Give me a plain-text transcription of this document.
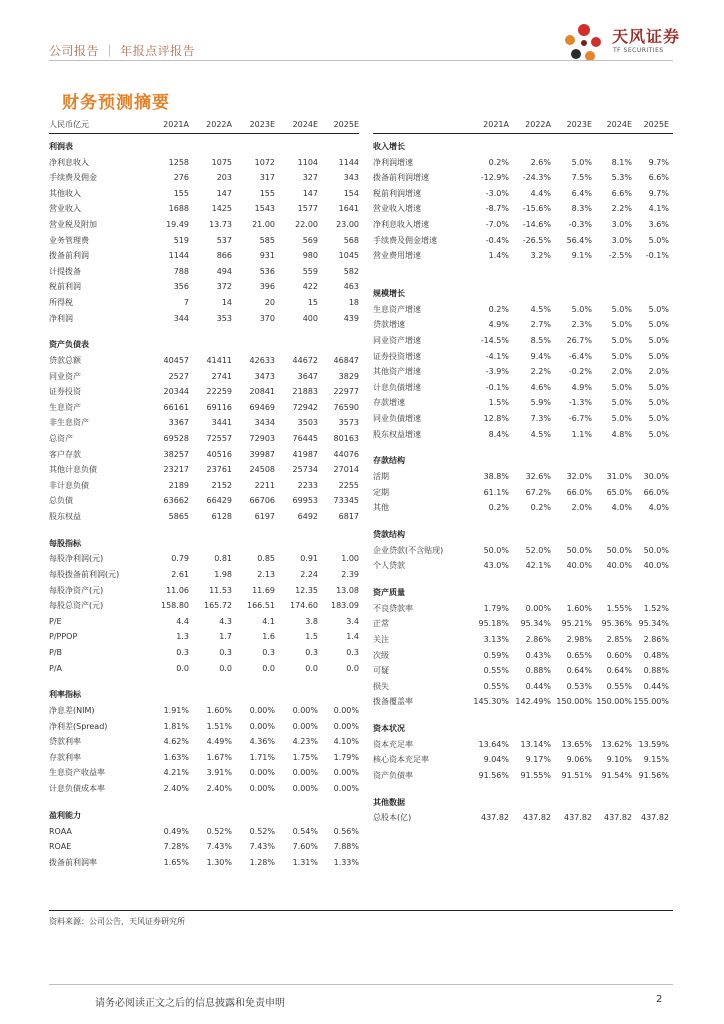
公司报告 ｜ 年报点评报告
天风证券
TF SECURITIES
财务预测摘要
人民币亿元	2021A	2022A	2023E	2024E	2025E
利润表
净利息收入	1258	1075	1072	1104	1144
手续费及佣金	276	203	317	327	343
其他收入	155	147	155	147	154
营业收入	1688	1425	1543	1577	1641
营业税及附加	19.49	13.73	21.00	22.00	23.00
业务管理费	519	537	585	569	568
拨备前利润	1144	866	931	980	1045
计提拨备	788	494	536	559	582
税前利润	356	372	396	422	463
所得税	7	14	20	15	18
净利润	344	353	370	400	439
资产负债表
贷款总额	40457	41411	42633	44672	46847
同业资产	2527	2741	3473	3647	3829
证券投资	20344	22259	20841	21883	22977
生息资产	66161	69116	69469	72942	76590
非生息资产	3367	3441	3434	3503	3573
总资产	69528	72557	72903	76445	80163
客户存款	38257	40516	39987	41987	44076
其他计息负债	23217	23761	24508	25734	27014
非计息负债	2189	2152	2211	2233	2255
总负债	63662	66429	66706	69953	73345
股东权益	5865	6128	6197	6492	6817
每股指标
每股净利润(元)	0.79	0.81	0.85	0.91	1.00
每股拨备前利润(元)	2.61	1.98	2.13	2.24	2.39
每股净资产(元)	11.06	11.53	11.69	12.35	13.08
每股总资产(元)	158.80	165.72	166.51	174.60	183.09
P/E	4.4	4.3	4.1	3.8	3.4
P/PPOP	1.3	1.7	1.6	1.5	1.4
P/B	0.3	0.3	0.3	0.3	0.3
P/A	0.0	0.0	0.0	0.0	0.0
利率指标
净息差(NIM)	1.91%	1.60%	0.00%	0.00%	0.00%
净利差(Spread)	1.81%	1.51%	0.00%	0.00%	0.00%
贷款利率	4.62%	4.49%	4.36%	4.23%	4.10%
存款利率	1.63%	1.67%	1.71%	1.75%	1.79%
生息资产收益率	4.21%	3.91%	0.00%	0.00%	0.00%
计息负债成本率	2.40%	2.40%	0.00%	0.00%	0.00%
盈利能力
ROAA	0.49%	0.52%	0.52%	0.54%	0.56%
ROAE	7.28%	7.43%	7.43%	7.60%	7.88%
拨备前利润率	1.65%	1.30%	1.28%	1.31%	1.33%
2021A	2022A	2023E	2024E	2025E
收入增长
净利润增速	0.2%	2.6%	5.0%	8.1%	9.7%
拨备前利润增速	-12.9%	-24.3%	7.5%	5.3%	6.6%
税前利润增速	-3.0%	4.4%	6.4%	6.6%	9.7%
营业收入增速	-8.7%	-15.6%	8.3%	2.2%	4.1%
净利息收入增速	-7.0%	-14.6%	-0.3%	3.0%	3.6%
手续费及佣金增速	-0.4%	-26.5%	56.4%	3.0%	5.0%
营业费用增速	1.4%	3.2%	9.1%	-2.5%	-0.1%
规模增长
生息资产增速	0.2%	4.5%	5.0%	5.0%	5.0%
贷款增速	4.9%	2.7%	2.3%	5.0%	5.0%
同业资产增速	-14.5%	8.5%	26.7%	5.0%	5.0%
证券投资增速	-4.1%	9.4%	-6.4%	5.0%	5.0%
其他资产增速	-3.9%	2.2%	-0.2%	2.0%	2.0%
计息负债增速	-0.1%	4.6%	4.9%	5.0%	5.0%
存款增速	1.5%	5.9%	-1.3%	5.0%	5.0%
同业负债增速	12.8%	7.3%	-6.7%	5.0%	5.0%
股东权益增速	8.4%	4.5%	1.1%	4.8%	5.0%
存款结构
活期	38.8%	32.6%	32.0%	31.0%	30.0%
定期	61.1%	67.2%	66.0%	65.0%	66.0%
其他	0.2%	0.2%	2.0%	4.0%	4.0%
贷款结构
企业贷款(不含贴现)	50.0%	52.0%	50.0%	50.0%	50.0%
个人贷款	43.0%	42.1%	40.0%	40.0%	40.0%
资产质量
不良贷款率	1.79%	0.00%	1.60%	1.55%	1.52%
正常	95.18%	95.34%	95.21%	95.36% 95.34%
关注	3.13%	2.86%	2.98%	2.85%	2.86%
次级	0.59%	0.43%	0.65%	0.60%	0.48%
可疑	0.55%	0.88%	0.64%	0.64%	0.88%
损失	0.55%	0.44%	0.53%	0.55%	0.44%
拨备覆盖率	145.30% 142.49% 150.00% 150.00% 155.00%
资本状况
资本充足率	13.64%	13.14%	13.65%	13.62% 13.59%
核心资本充足率	9.04%	9.17%	9.06%	9.10%	9.15%
资产负债率	91.56%	91.55%	91.51%	91.54% 91.56%
其他数据
总股本(亿)	437.82	437.82	437.82	437.82	437.82
资料来源：公司公告，天风证券研究所
请务必阅读正文之后的信息披露和免责申明	2
